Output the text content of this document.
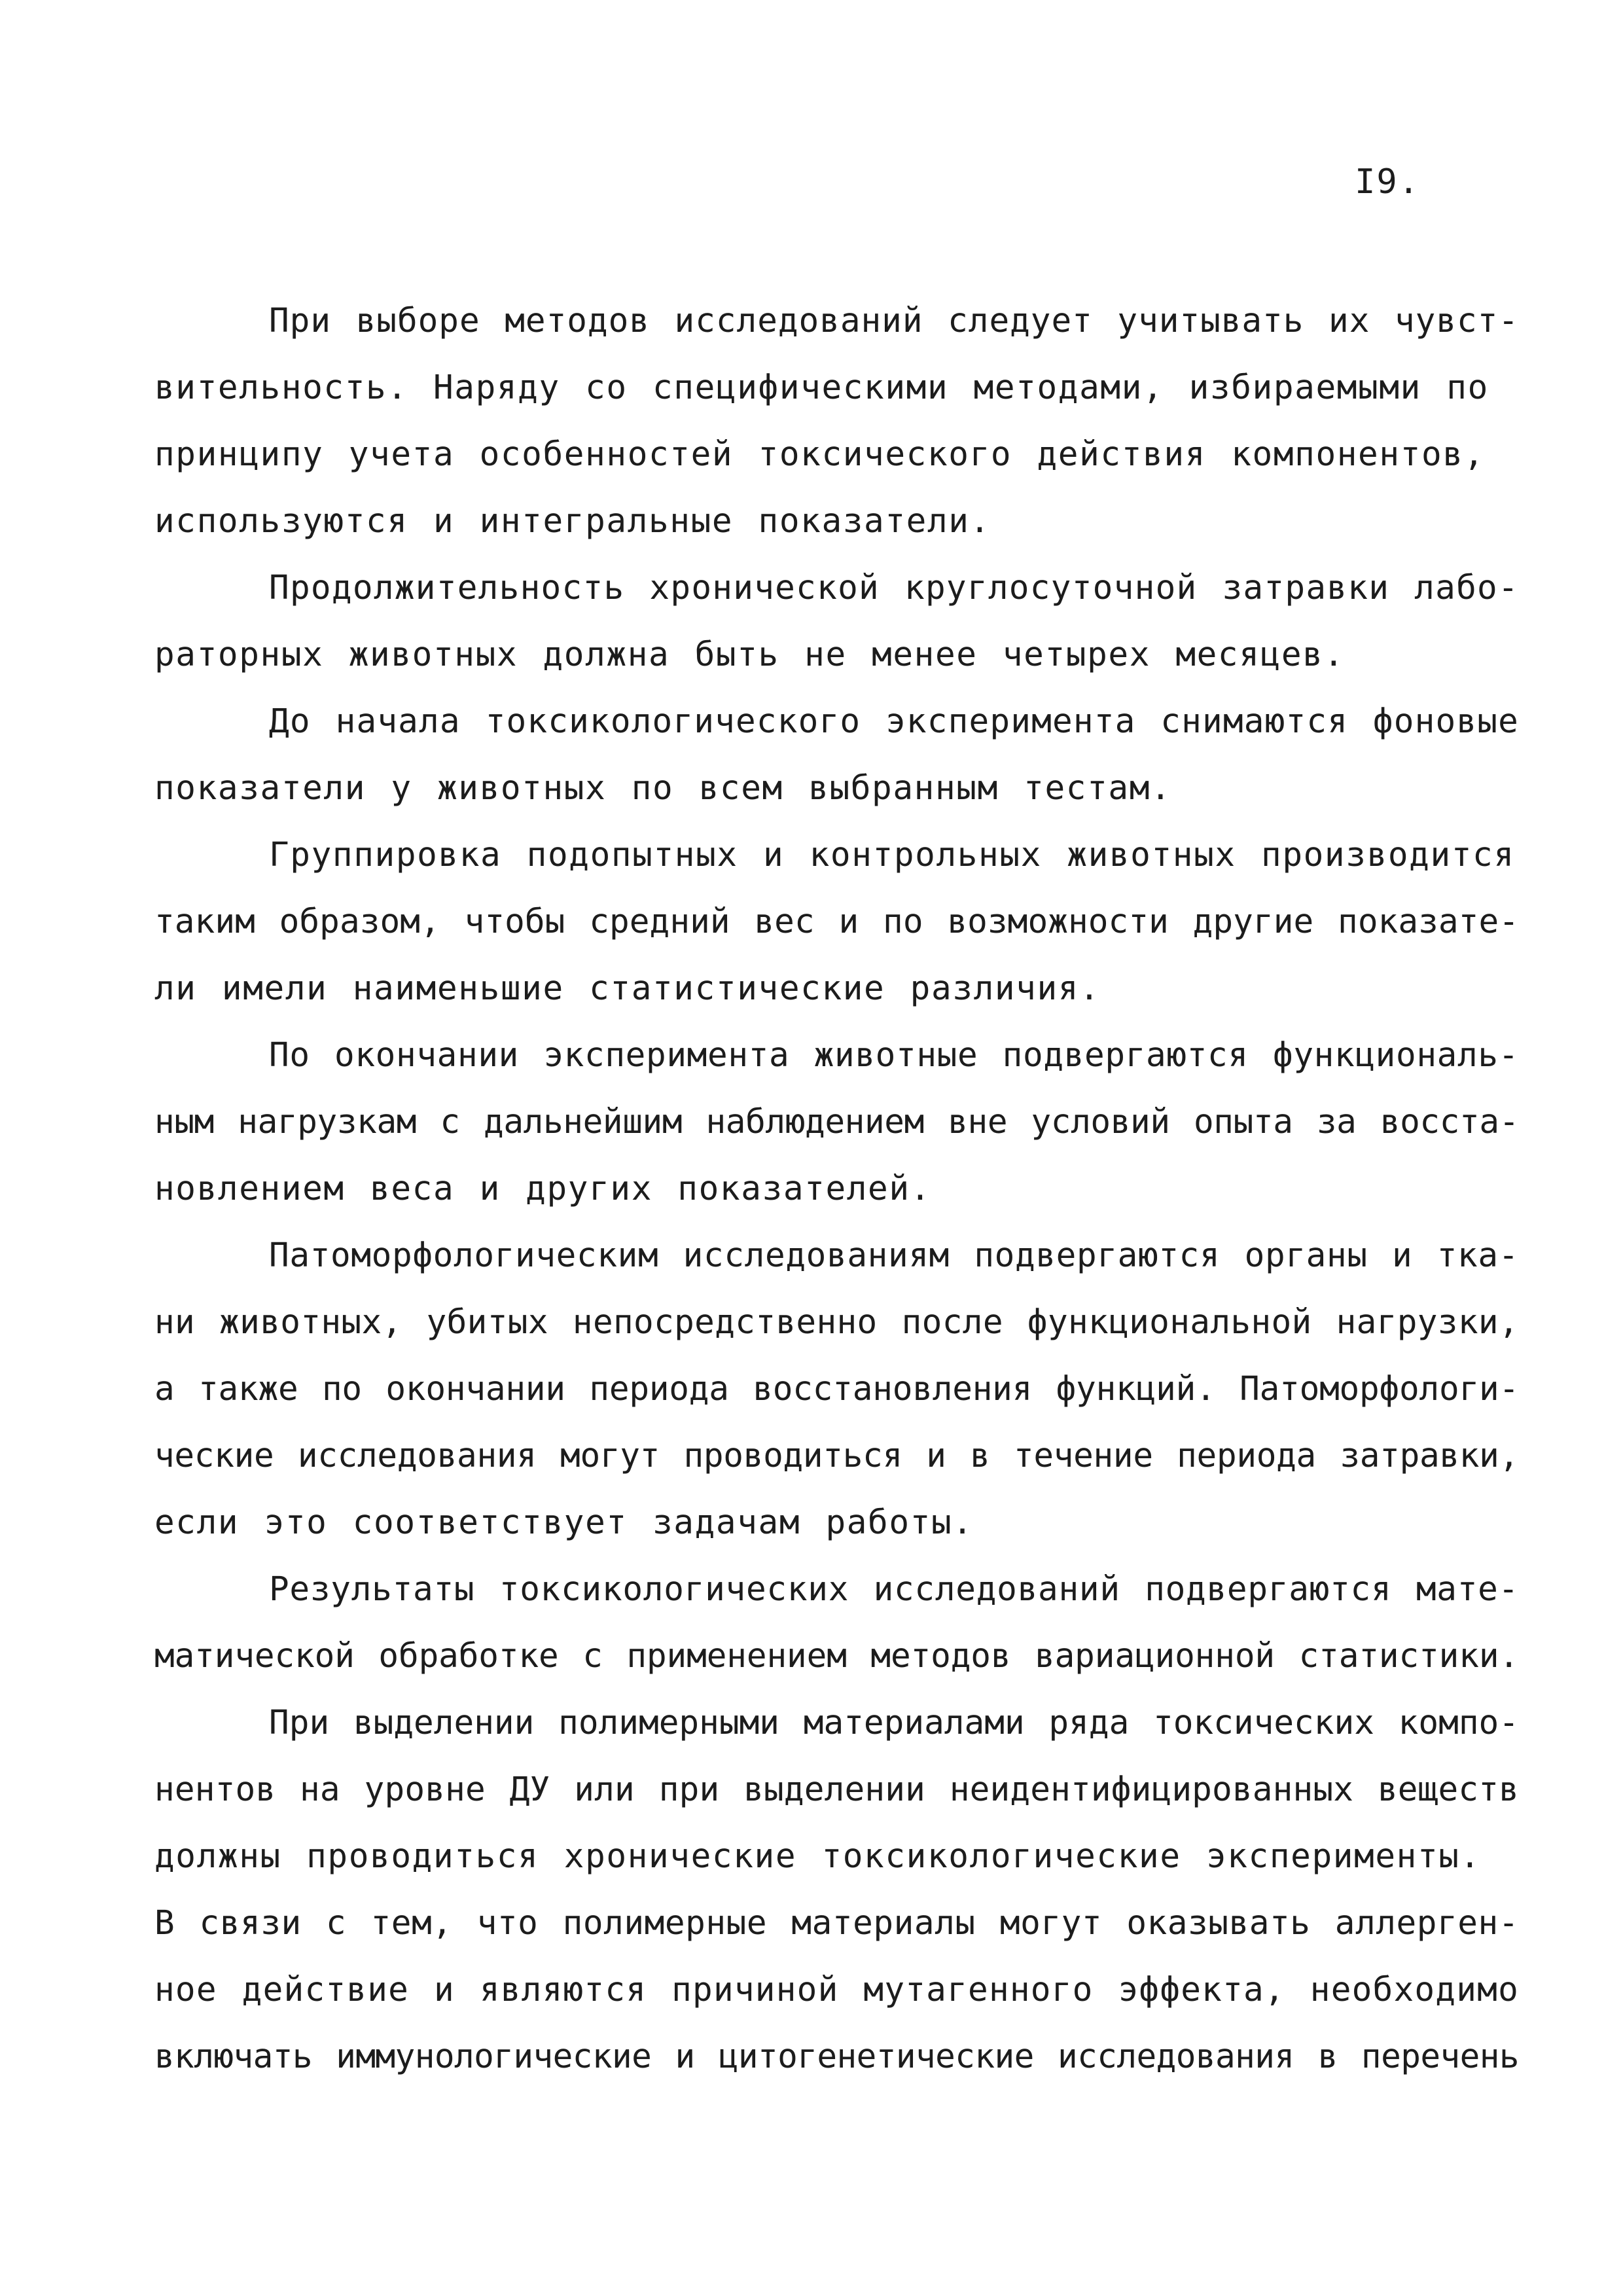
I9.
При выборе методов исследований следует учитывать их чувст-
вительность. Наряду со специфическими методами, избираемыми по
принципу учета особенностей токсического действия компонентов,
используются и интегральные показатели.
Продолжительность хронической круглосуточной затравки лабо-
раторных животных должна быть не менее четырех месяцев.
До начала токсикологического эксперимента снимаются фоновые
показатели у животных по всем выбранным тестам.
Группировка подопытных и контрольных животных производится
таким образом, чтобы средний вес и по возможности другие показате-
ли имели наименьшие статистические различия.
По окончании эксперимента животные подвергаются функциональ-
ным нагрузкам с дальнейшим наблюдением вне условий опыта за восста-
новлением веса и других показателей.
Патоморфологическим исследованиям подвергаются органы и тка-
ни животных, убитых непосредственно после функциональной нагрузки,
а также по окончании периода восстановления функций. Патоморфологи-
ческие исследования могут проводиться и в течение периода затравки,
если это соответствует задачам работы.
Результаты токсикологических исследований подвергаются мате-
матической обработке с применением методов вариационной статистики.
При выделении полимерными материалами ряда токсических компо-
нентов на уровне ДУ или при выделении неидентифицированных веществ
должны проводиться хронические токсикологические эксперименты.
В связи с тем, что полимерные материалы могут оказывать аллерген-
ное действие и являются причиной мутагенного эффекта, необходимо
включать иммунологические и цитогенетические исследования в перечень
